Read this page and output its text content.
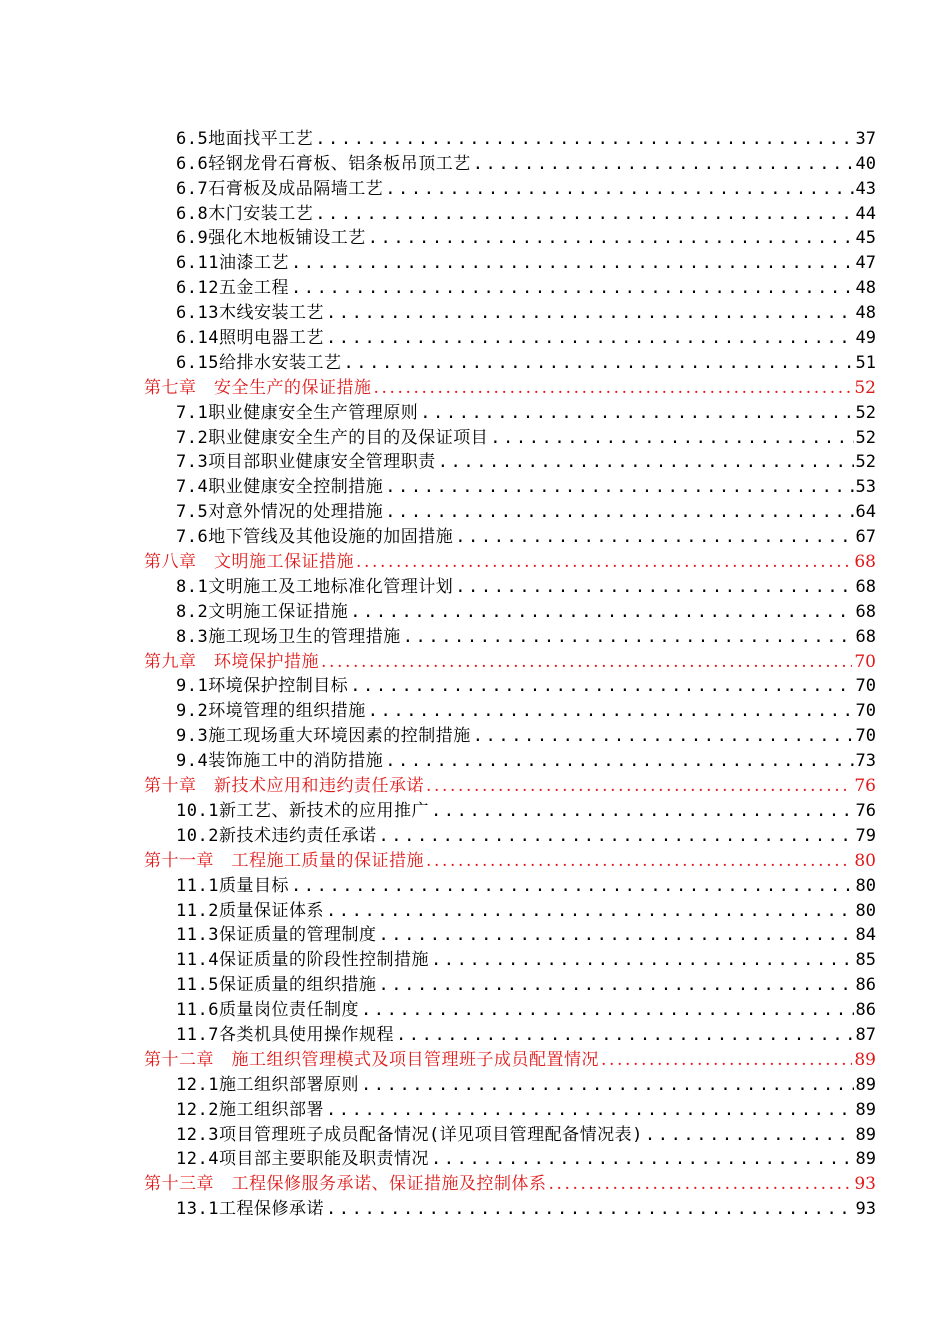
6.5地面找平工艺 .....	37
6.6轻钢龙骨石膏板、铝条板吊顶工艺 .....	40
6.7石膏板及成品隔墙工艺 .....	43
6.8木门安装工艺 .....	44
6.9强化木地板铺设工艺 .....	45
6.11油漆工艺 .....	47
6.12五金工程 .....	48
6.13木线安装工艺 .....	48
6.14照明电器工艺 .....	49
6.15给排水安装工艺 .....	51
第七章　安全生产的保证措施 .....	52
7.1职业健康安全生产管理原则 .....	52
7.2职业健康安全生产的目的及保证项目 .....	52
7.3项目部职业健康安全管理职责 .....	52
7.4职业健康安全控制措施 .....	53
7.5对意外情况的处理措施 .....	64
7.6地下管线及其他设施的加固措施 .....	67
第八章　文明施工保证措施 .....	68
8.1文明施工及工地标准化管理计划 .....	68
8.2文明施工保证措施 .....	68
8.3施工现场卫生的管理措施 .....	68
第九章　环境保护措施 .....	70
9.1环境保护控制目标 .....	70
9.2环境管理的组织措施 .....	70
9.3施工现场重大环境因素的控制措施 .....	70
9.4装饰施工中的消防措施 .....	73
第十章　新技术应用和违约责任承诺 .....	76
10.1新工艺、新技术的应用推广 .....	76
10.2新技术违约责任承诺 .....	79
第十一章　工程施工质量的保证措施 .....	80
11.1质量目标 .....	80
11.2质量保证体系 .....	80
11.3保证质量的管理制度 .....	84
11.4保证质量的阶段性控制措施 .....	85
11.5保证质量的组织措施 .....	86
11.6质量岗位责任制度 .....	86
11.7各类机具使用操作规程 .....	87
第十二章　施工组织管理模式及项目管理班子成员配置情况 .....	89
12.1施工组织部署原则 .....	89
12.2施工组织部署 .....	89
12.3项目管理班子成员配备情况(详见项目管理配备情况表) .....	89
12.4项目部主要职能及职责情况 .....	89
第十三章　工程保修服务承诺、保证措施及控制体系 .....	93
13.1工程保修承诺 .....	93
